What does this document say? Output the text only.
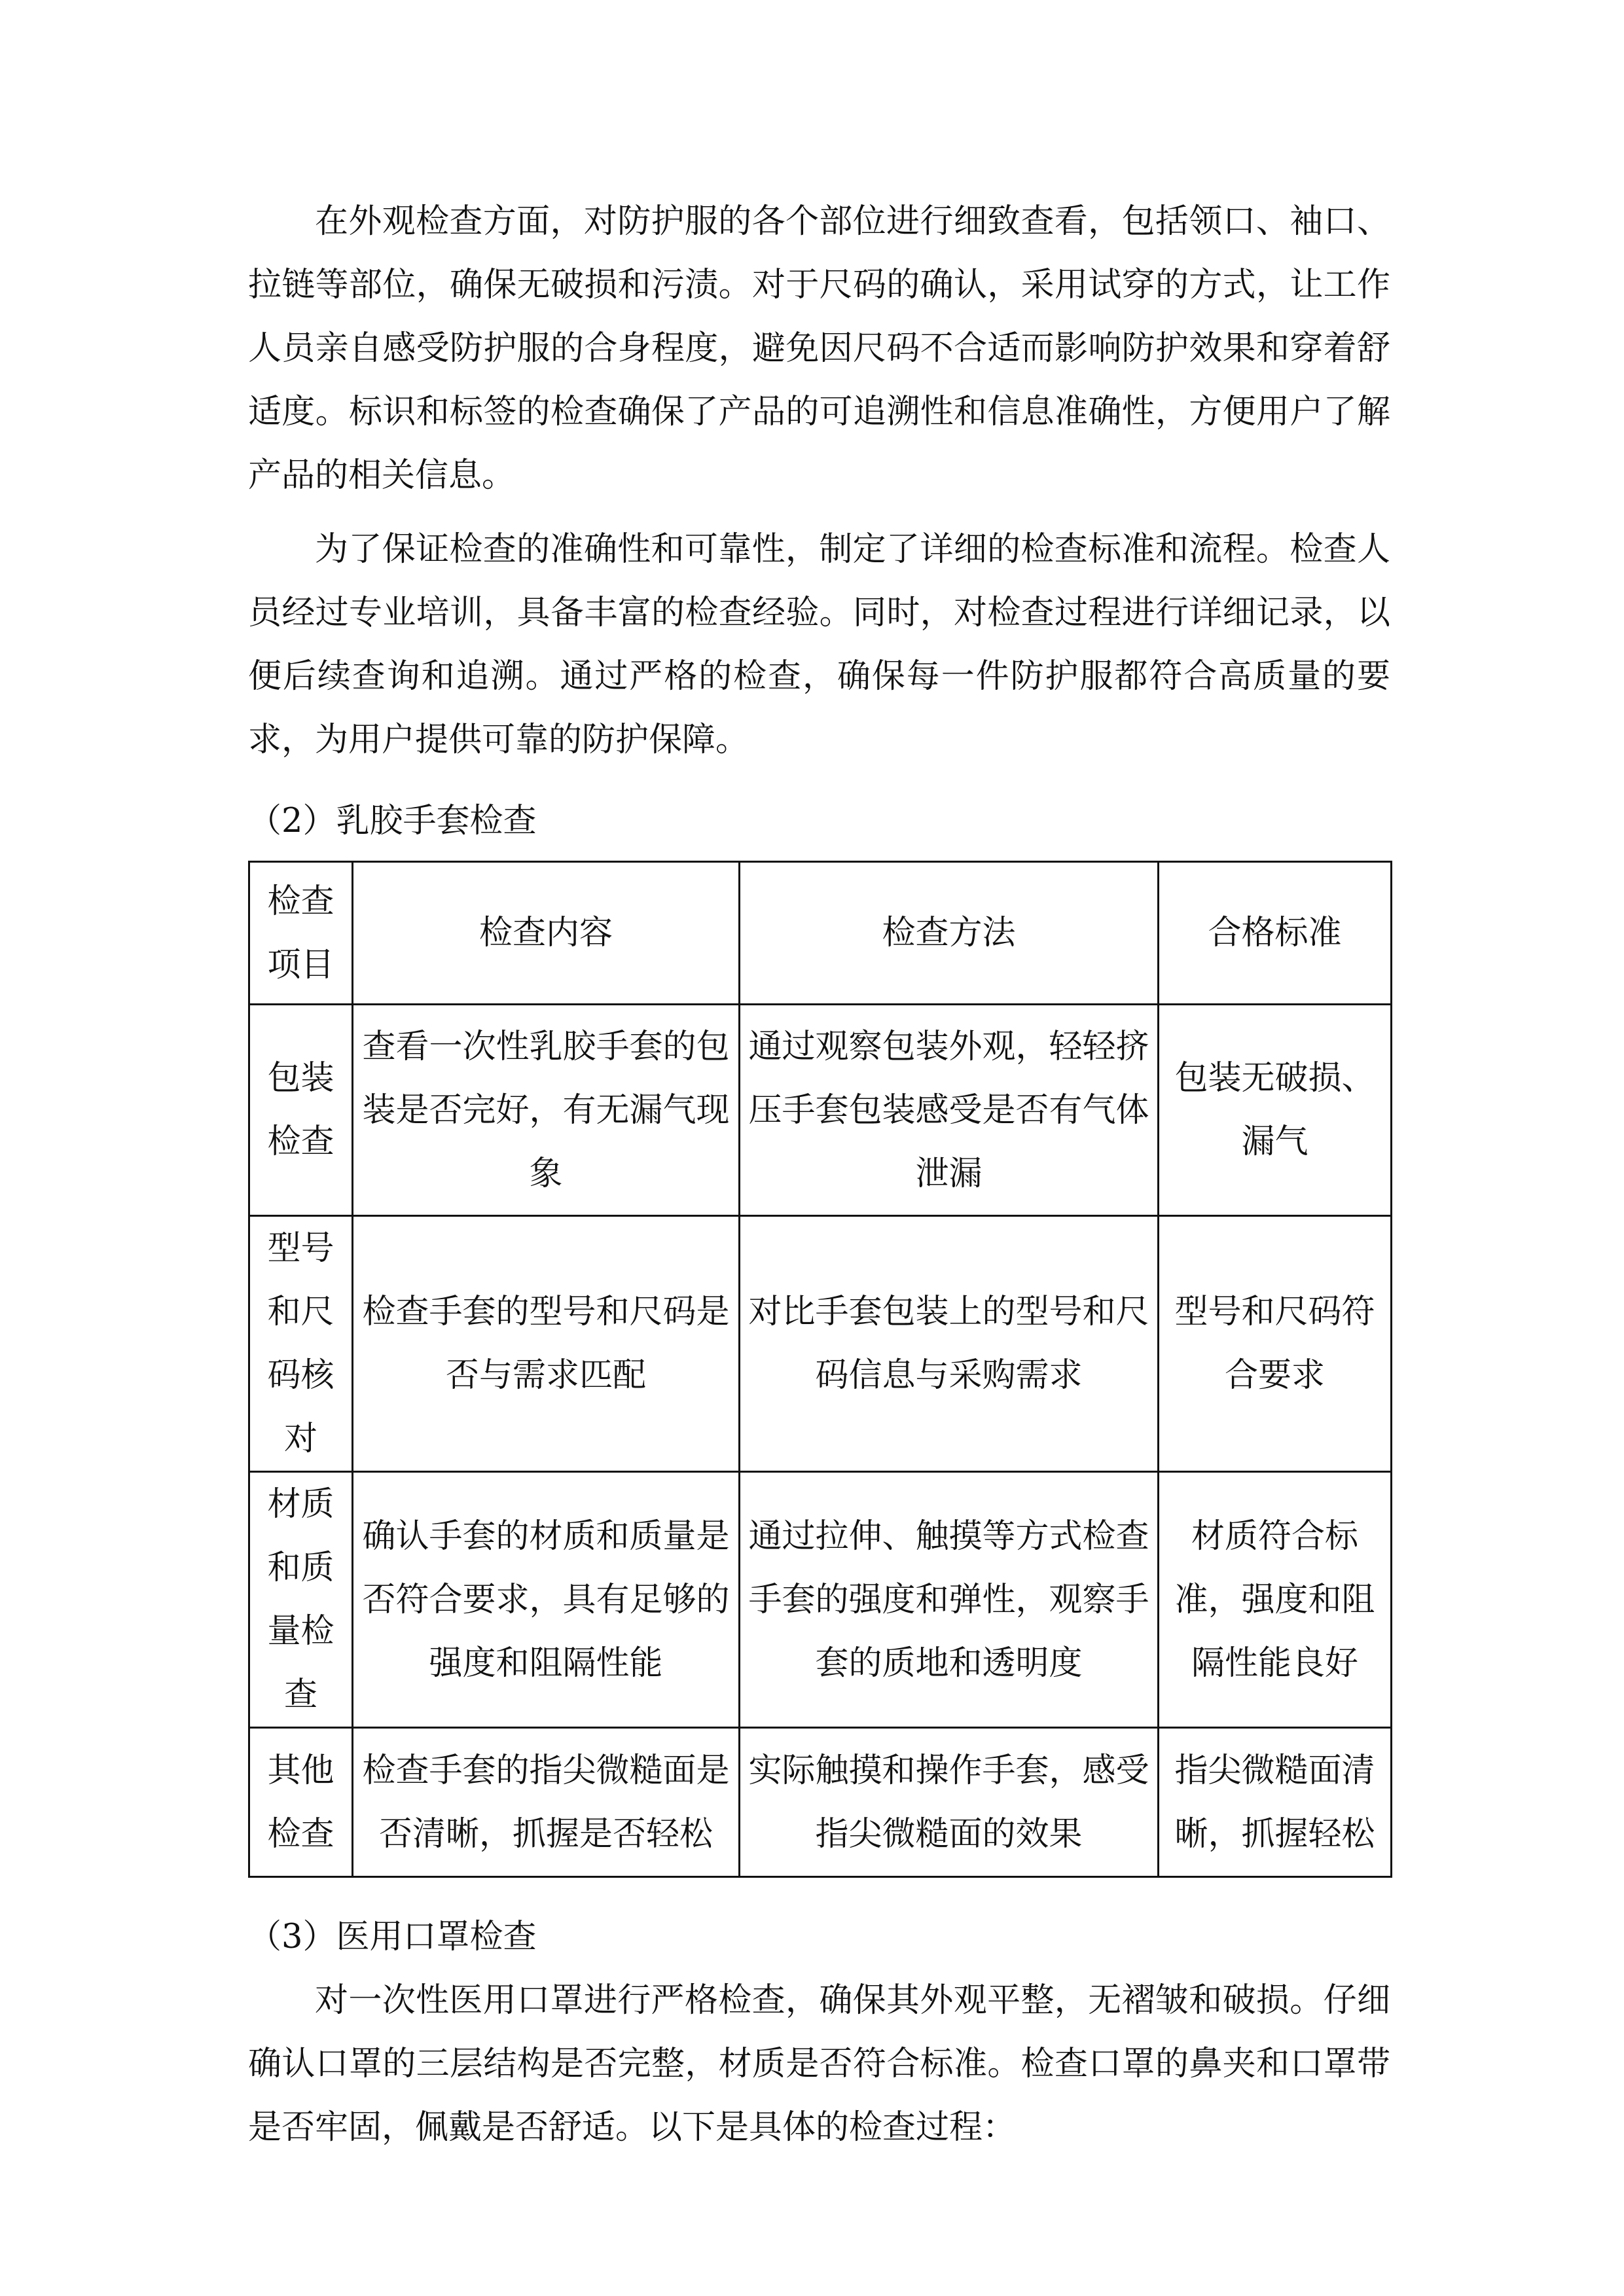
在外观检查方面，对防护服的各个部位进行细致查看，包括领口、袖口、拉链等部位，确保无破损和污渍。对于尺码的确认，采用试穿的方式，让工作人员亲自感受防护服的合身程度，避免因尺码不合适而影响防护效果和穿着舒适度。标识和标签的检查确保了产品的可追溯性和信息准确性，方便用户了解产品的相关信息。

为了保证检查的准确性和可靠性，制定了详细的检查标准和流程。检查人员经过专业培训，具备丰富的检查经验。同时，对检查过程进行详细记录，以便后续查询和追溯。通过严格的检查，确保每一件防护服都符合高质量的要求，为用户提供可靠的防护保障。

（2）乳胶手套检查

检查项目	检查内容	检查方法	合格标准
包装检查	查看一次性乳胶手套的包装是否完好，有无漏气现象	通过观察包装外观，轻轻挤压手套包装感受是否有气体泄漏	包装无破损、漏气
型号和尺码核对	检查手套的型号和尺码是否与需求匹配	对比手套包装上的型号和尺码信息与采购需求	型号和尺码符合要求
材质和质量检查	确认手套的材质和质量是否符合要求，具有足够的强度和阻隔性能	通过拉伸、触摸等方式检查手套的强度和弹性，观察手套的质地和透明度	材质符合标准，强度和阻隔性能良好
其他检查	检查手套的指尖微糙面是否清晰，抓握是否轻松	实际触摸和操作手套，感受指尖微糙面的效果	指尖微糙面清晰，抓握轻松

（3）医用口罩检查

对一次性医用口罩进行严格检查，确保其外观平整，无褶皱和破损。仔细确认口罩的三层结构是否完整，材质是否符合标准。检查口罩的鼻夹和口罩带是否牢固，佩戴是否舒适。以下是具体的检查过程：
